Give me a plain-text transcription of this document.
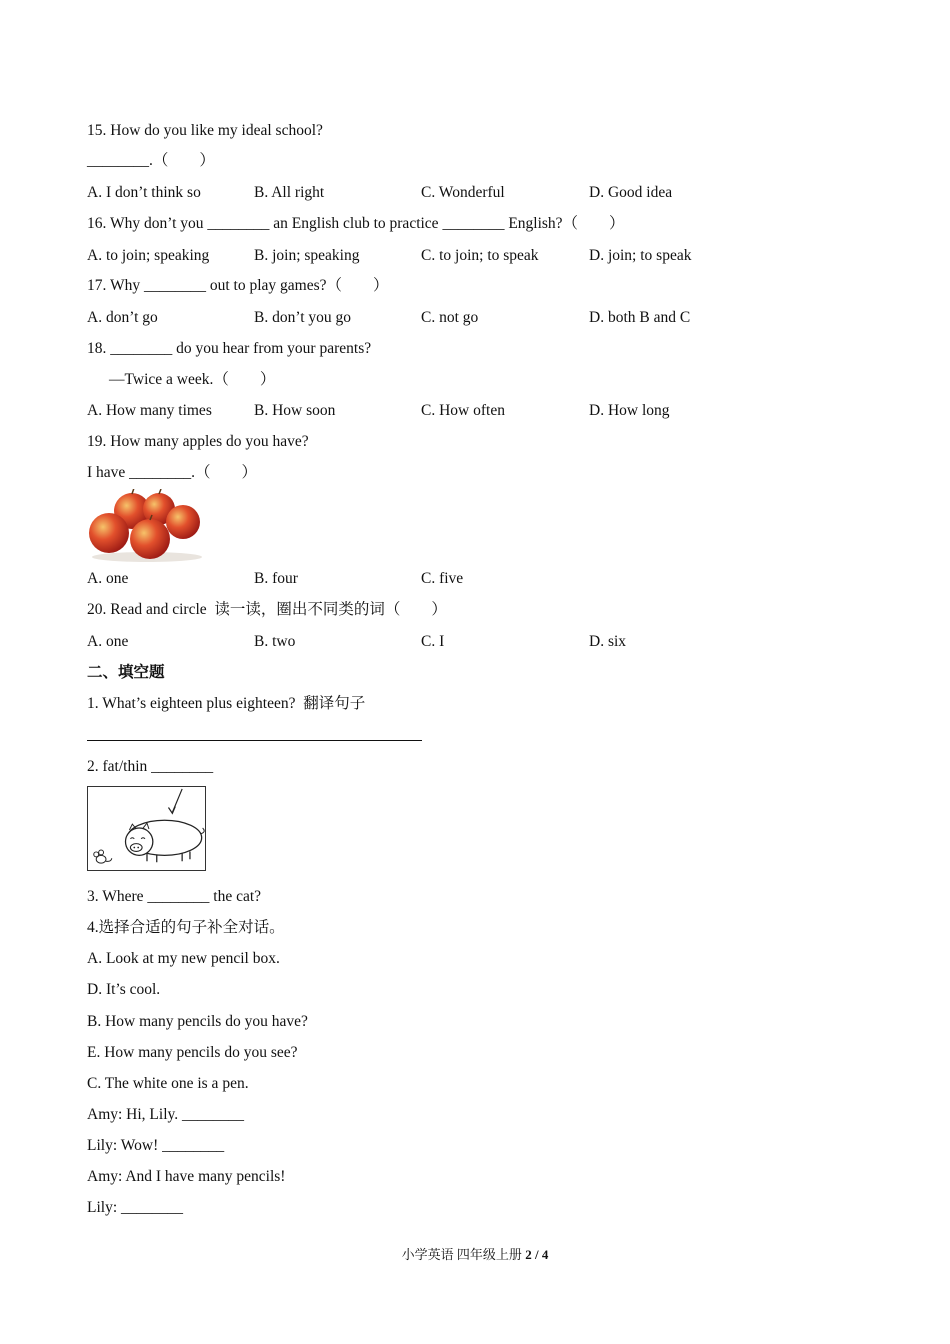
15. How do you like my ideal school?
________.（　　）
A. I don’t think so	B. All right	C. Wonderful	D. Good idea
16. Why don’t you ________ an English club to practice ________ English?（　　）
A. to join; speaking	B. join; speaking	C. to join; to speak	D. join; to speak
17. Why ________ out to play games?（　　）
A. don’t go	B. don’t you go	C. not go	D. both B and C
18. ________ do you hear from your parents?
—Twice a week.（　　）
A. How many times	B. How soon	C. How often	D. How long
19. How many apples do you have?
I have ________.（　　）
A. one	B. four	C. five
20. Read and circle  读一读，圈出不同类的词（　　）
A. one	B. two	C. I	D. six
二、填空题
1. What’s eighteen plus eighteen?  翻译句子
2. fat/thin ________
3. Where ________ the cat?
4.选择合适的句子补全对话。
A. Look at my new pencil box.
D. It’s cool.
B. How many pencils do you have?
E. How many pencils do you see?
C. The white one is a pen.
Amy: Hi, Lily. ________
Lily: Wow! ________
Amy: And I have many pencils!
Lily: ________
小学英语 四年级上册 2 / 4
